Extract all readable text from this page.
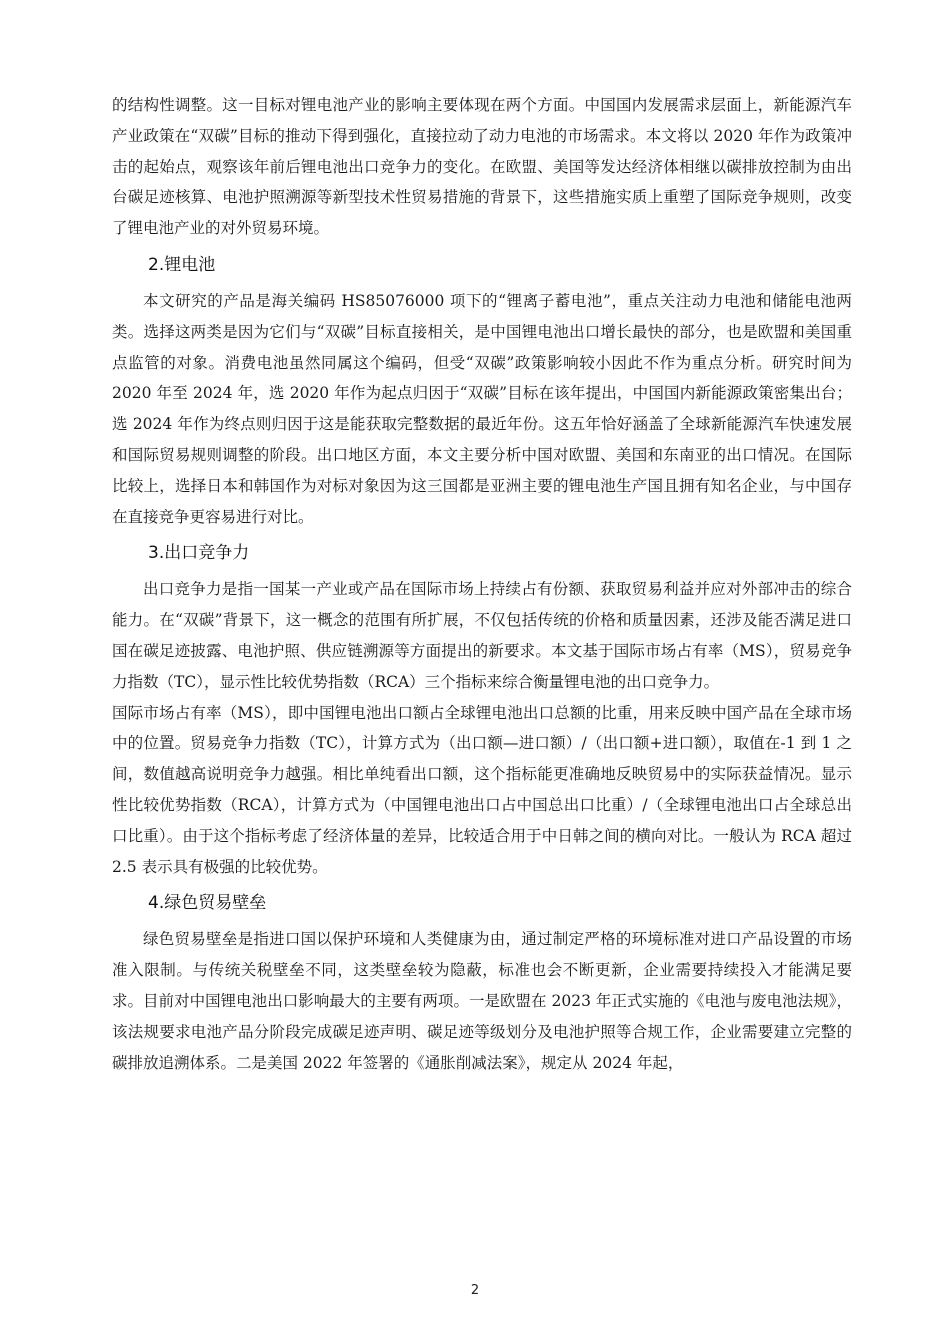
的结构性调整。这一目标对锂电池产业的影响主要体现在两个方面。中国国内发展需求层面上，新能源汽车产业政策在“双碳”目标的推动下得到强化，直接拉动了动力电池的市场需求。本文将以 2020 年作为政策冲击的起始点，观察该年前后锂电池出口竞争力的变化。在欧盟、美国等发达经济体相继以碳排放控制为由出台碳足迹核算、电池护照溯源等新型技术性贸易措施的背景下，这些措施实质上重塑了国际竞争规则，改变了锂电池产业的对外贸易环境。

2.锂电池

本文研究的产品是海关编码 HS85076000 项下的“锂离子蓄电池”，重点关注动力电池和储能电池两类。选择这两类是因为它们与“双碳”目标直接相关，是中国锂电池出口增长最快的部分，也是欧盟和美国重点监管的对象。消费电池虽然同属这个编码，但受“双碳”政策影响较小因此不作为重点分析。研究时间为 2020 年至 2024 年，选 2020 年作为起点归因于“双碳”目标在该年提出，中国国内新能源政策密集出台；选 2024 年作为终点则归因于这是能获取完整数据的最近年份。这五年恰好涵盖了全球新能源汽车快速发展和国际贸易规则调整的阶段。出口地区方面，本文主要分析中国对欧盟、美国和东南亚的出口情况。在国际比较上，选择日本和韩国作为对标对象因为这三国都是亚洲主要的锂电池生产国且拥有知名企业，与中国存在直接竞争更容易进行对比。

3.出口竞争力

出口竞争力是指一国某一产业或产品在国际市场上持续占有份额、获取贸易利益并应对外部冲击的综合能力。在“双碳”背景下，这一概念的范围有所扩展，不仅包括传统的价格和质量因素，还涉及能否满足进口国在碳足迹披露、电池护照、供应链溯源等方面提出的新要求。本文基于国际市场占有率（MS），贸易竞争力指数（TC），显示性比较优势指数（RCA）三个指标来综合衡量锂电池的出口竞争力。

国际市场占有率（MS），即中国锂电池出口额占全球锂电池出口总额的比重，用来反映中国产品在全球市场中的位置。贸易竞争力指数（TC），计算方式为（出口额—进口额）/（出口额+进口额），取值在-1 到 1 之间，数值越高说明竞争力越强。相比单纯看出口额，这个指标能更准确地反映贸易中的实际获益情况。显示性比较优势指数（RCA），计算方式为（中国锂电池出口占中国总出口比重）/（全球锂电池出口占全球总出口比重）。由于这个指标考虑了经济体量的差异，比较适合用于中日韩之间的横向对比。一般认为 RCA 超过 2.5 表示具有极强的比较优势。

4.绿色贸易壁垒

绿色贸易壁垒是指进口国以保护环境和人类健康为由，通过制定严格的环境标准对进口产品设置的市场准入限制。与传统关税壁垒不同，这类壁垒较为隐蔽，标准也会不断更新，企业需要持续投入才能满足要求。目前对中国锂电池出口影响最大的主要有两项。一是欧盟在 2023 年正式实施的《电池与废电池法规》，该法规要求电池产品分阶段完成碳足迹声明、碳足迹等级划分及电池护照等合规工作，企业需要建立完整的碳排放追溯体系。二是美国 2022 年签署的《通胀削减法案》，规定从 2024 年起，

2
